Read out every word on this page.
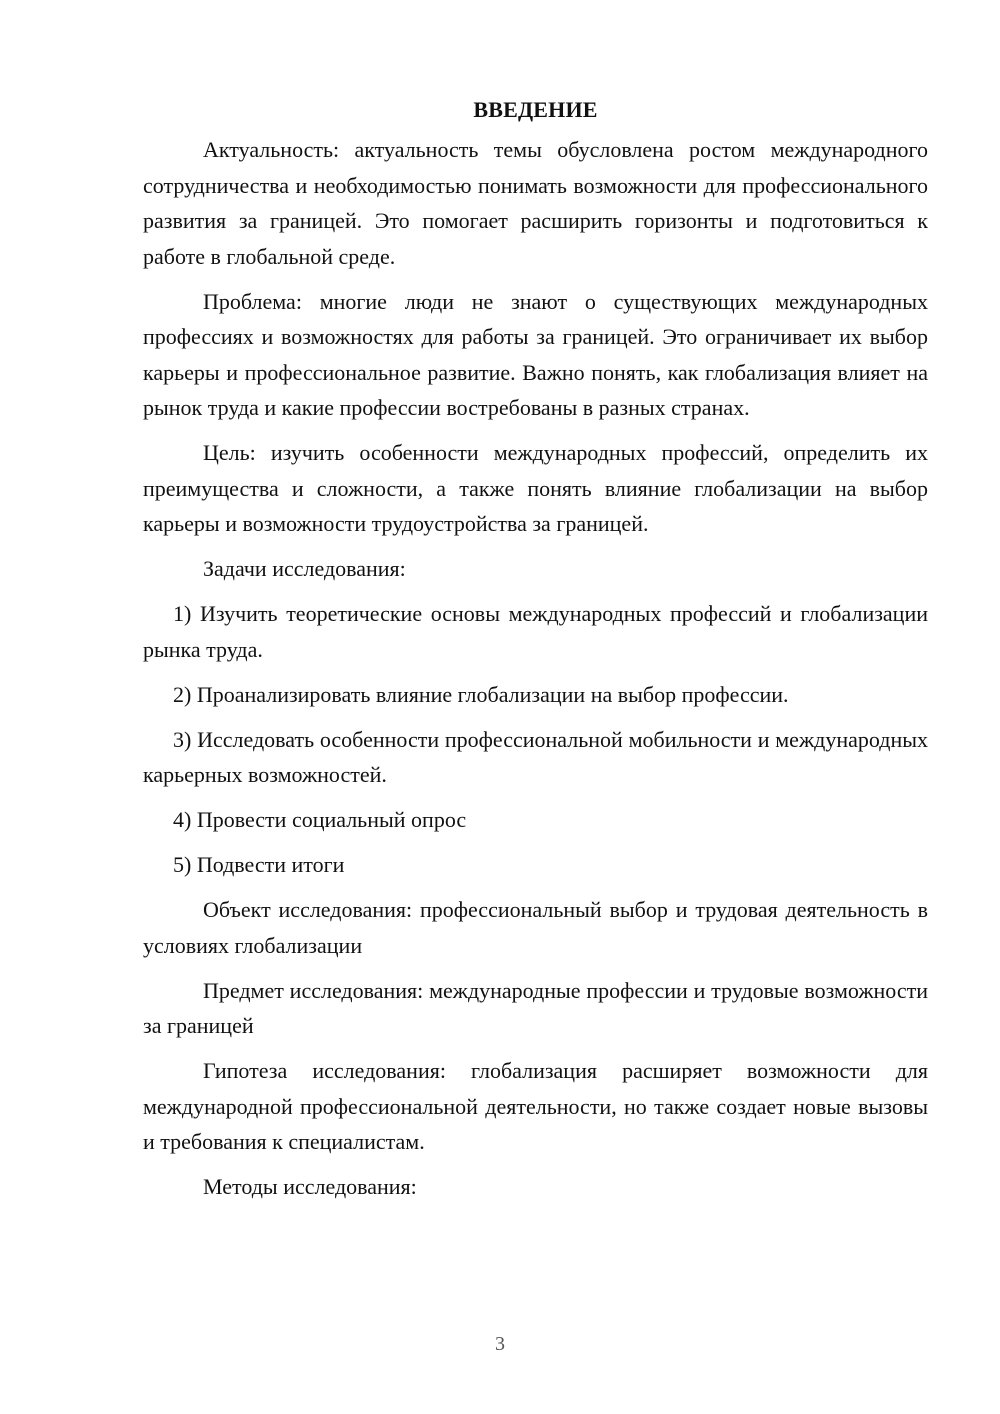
ВВЕДЕНИЕ

Актуальность: актуальность темы обусловлена ростом международного сотрудничества и необходимостью понимать возможности для профессионального развития за границей. Это помогает расширить горизонты и подготовиться к работе в глобальной среде.

Проблема: многие люди не знают о существующих международных профессиях и возможностях для работы за границей. Это ограничивает их выбор карьеры и профессиональное развитие. Важно понять, как глобализация влияет на рынок труда и какие профессии востребованы в разных странах.

Цель: изучить особенности международных профессий, определить их преимущества и сложности, а также понять влияние глобализации на выбор карьеры и возможности трудоустройства за границей.

Задачи исследования:

1) Изучить теоретические основы международных профессий и глобализации рынка труда.

2) Проанализировать влияние глобализации на выбор профессии.

3) Исследовать особенности профессиональной мобильности и международных карьерных возможностей.

4) Провести социальный опрос

5) Подвести итоги

Объект исследования: профессиональный выбор и трудовая деятельность в условиях глобализации

Предмет исследования: международные профессии и трудовые возможности за границей

Гипотеза исследования: глобализация расширяет возможности для международной профессиональной деятельности, но также создает новые вызовы и требования к специалистам.

Методы исследования:

3
